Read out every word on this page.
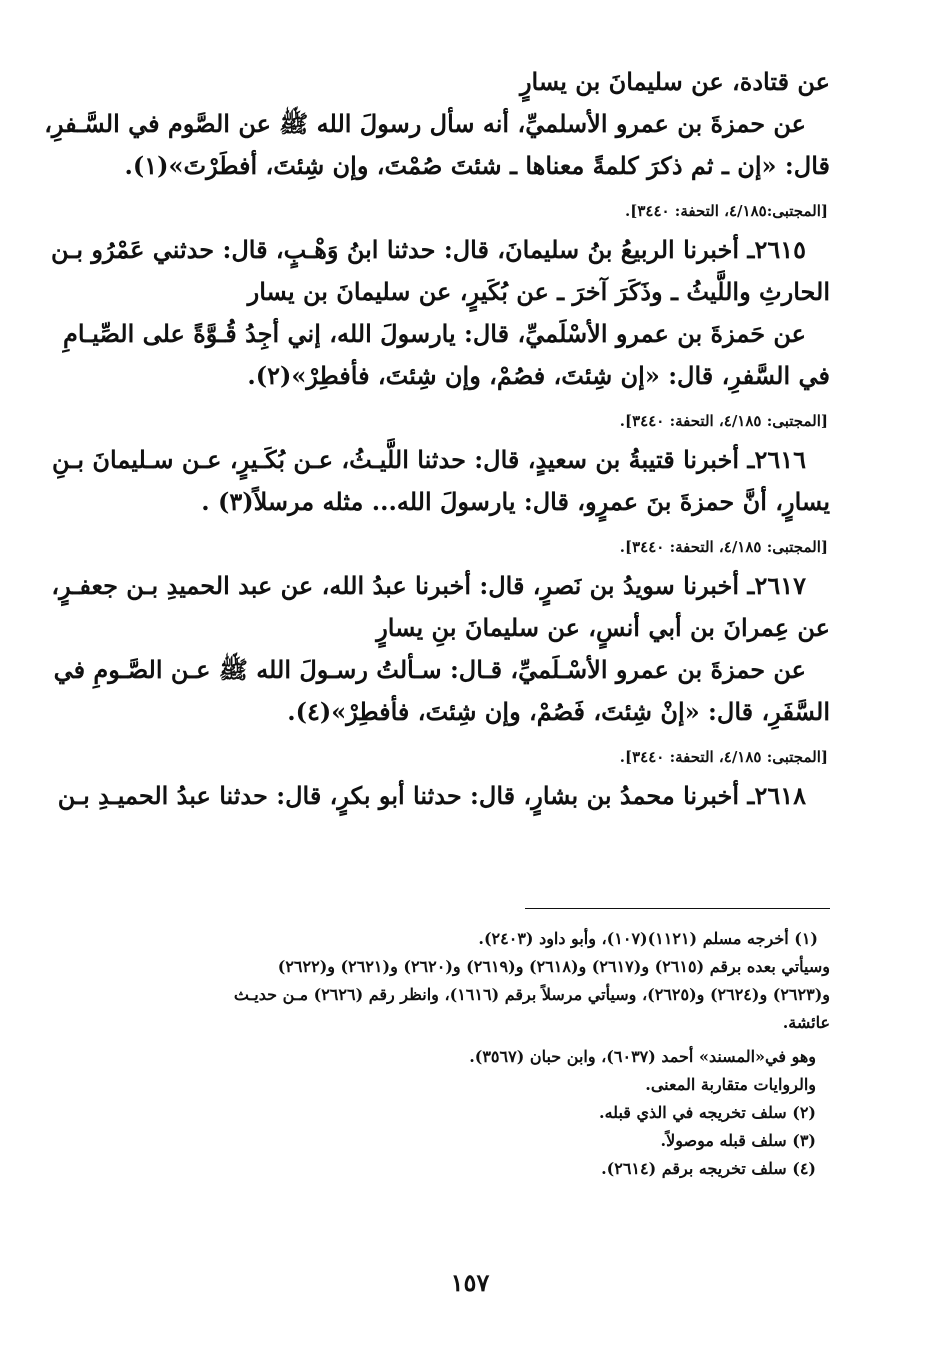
عن قتادة، عن سليمانَ بن يسارٍ
عن حمزةَ بن عمرو الأسلميِّ، أنه سأل رسولَ الله ﷺ عن الصَّوم في السَّـفرِ،
قال: «إن ـ ثم ذكرَ كلمةً معناها ـ شئتَ صُمْتَ، وإن شِئتَ، أفطَرْتَ»(١).
[المجتبى:٤/١٨٥، التحفة: ٣٤٤٠].
٢٦١٥ـ أخبرنا الربيعُ بنُ سليمانَ، قال: حدثنا ابنُ وَهْـبٍ، قال: حدثني عَمْرُو بـن
الحارثِ واللَّيثُ ـ وذَكَرَ آخرَ ـ عن بُكَيرٍ، عن سليمانَ بن يسار
عن حَمزةَ بن عمرو الأسْلَميِّ، قال: يارسولَ الله، إني أجِدُ قُـوَّةً على الصِّيـامِ
في السَّفرِ، قال: «إن شِئتَ، فصُمْ، وإن شِئتَ، فأفطِرْ»(٢).
[المجتبى: ٤/١٨٥، التحفة: ٣٤٤٠].
٢٦١٦ـ أخبرنا قتيبةُ بن سعيدٍ، قال: حدثنا اللَّيـثُ، عـن بُكَـيرٍ، عـن سـليمانَ بـنِ
يسارٍ، أنَّ حمزةَ بنَ عمرٍو، قال: يارسولَ الله... مثله مرسلاً(٣) .
[المجتبى: ٤/١٨٥، التحفة: ٣٤٤٠].
٢٦١٧ـ أخبرنا سويدُ بن نَصرٍ، قال: أخبرنا عبدُ الله، عن عبد الحميدِ بـن جعفـرٍ،
عن عِمرانَ بن أبي أنسٍ، عن سليمانَ بنِ يسارٍ
عن حمزةَ بن عمرو الأسْـلَميِّ، قـال: سـألتُ رسـولَ الله ﷺ عـن الصَّـومِ في
السَّفَرِ، قال: «إنْ شِئتَ، فَصُمْ، وإن شِئتَ، فأفطِرْ»(٤).
[المجتبى: ٤/١٨٥، التحفة: ٣٤٤٠].
٢٦١٨ـ أخبرنا محمدُ بن بشارٍ، قال: حدثنا أبو بكرٍ، قال: حدثنا عبدُ الحميـدِ بـن
(١) أخرجه مسلم (١١٢١)(١٠٧)، وأبو داود (٢٤٠٣).
وسيأتي بعده برقم (٢٦١٥) و(٢٦١٧) و(٢٦١٨) و(٢٦١٩) و(٢٦٢٠) و(٢٦٢١) و(٢٦٢٢)
و(٢٦٢٣) و(٢٦٢٤) و(٢٦٢٥)، وسيأتي مرسلاً برقم (١٦١٦)، وانظر رقم (٢٦٢٦) مـن حديـث
عائشة.
وهو في«المسند» أحمد (٦٠٣٧)، وابن حبان (٣٥٦٧).
والروايات متقاربة المعنى.
(٢) سلف تخريجه في الذي قبله.
(٣) سلف قبله موصولاً.
(٤) سلف تخريجه برقم (٢٦١٤).
١٥٧
